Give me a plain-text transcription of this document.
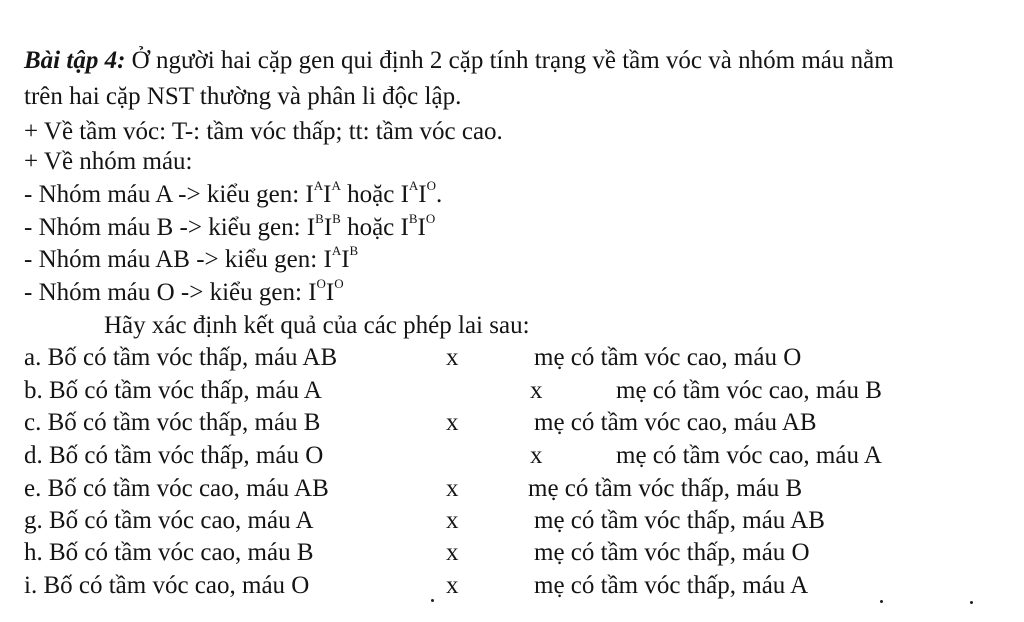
Bài tập 4: Ở người hai cặp gen qui định 2 cặp tính trạng về tầm vóc và nhóm máu nằm
trên hai cặp NST thường và phân li độc lập.
+ Về tầm vóc: T-: tầm vóc thấp; tt: tầm vóc cao.
+ Về nhóm máu:
- Nhóm máu A -> kiểu gen: $I^AI^A$ hoặc $I^AI^O$.
- Nhóm máu B -> kiểu gen: $I^BI^B$ hoặc $I^BI^O$
- Nhóm máu AB -> kiểu gen: $I^AI^B$
- Nhóm máu O -> kiểu gen: $I^OI^O$
Hãy xác định kết quả của các phép lai sau:
a. Bố có tầm vóc thấp, máu AB	x	mẹ có tầm vóc cao, máu O
b. Bố có tầm vóc thấp, máu A	x	mẹ có tầm vóc cao, máu B
c. Bố có tầm vóc thấp, máu B	x	mẹ có tầm vóc cao, máu AB
d. Bố có tầm vóc thấp, máu O	x	mẹ có tầm vóc cao, máu A
e. Bố có tầm vóc cao, máu AB	x	mẹ có tầm vóc thấp, máu B
g. Bố có tầm vóc cao, máu A	x	mẹ có tầm vóc thấp, máu AB
h. Bố có tầm vóc cao, máu B	x	mẹ có tầm vóc thấp, máu O
i. Bố có tầm vóc cao, máu O	x	mẹ có tầm vóc thấp, máu A
